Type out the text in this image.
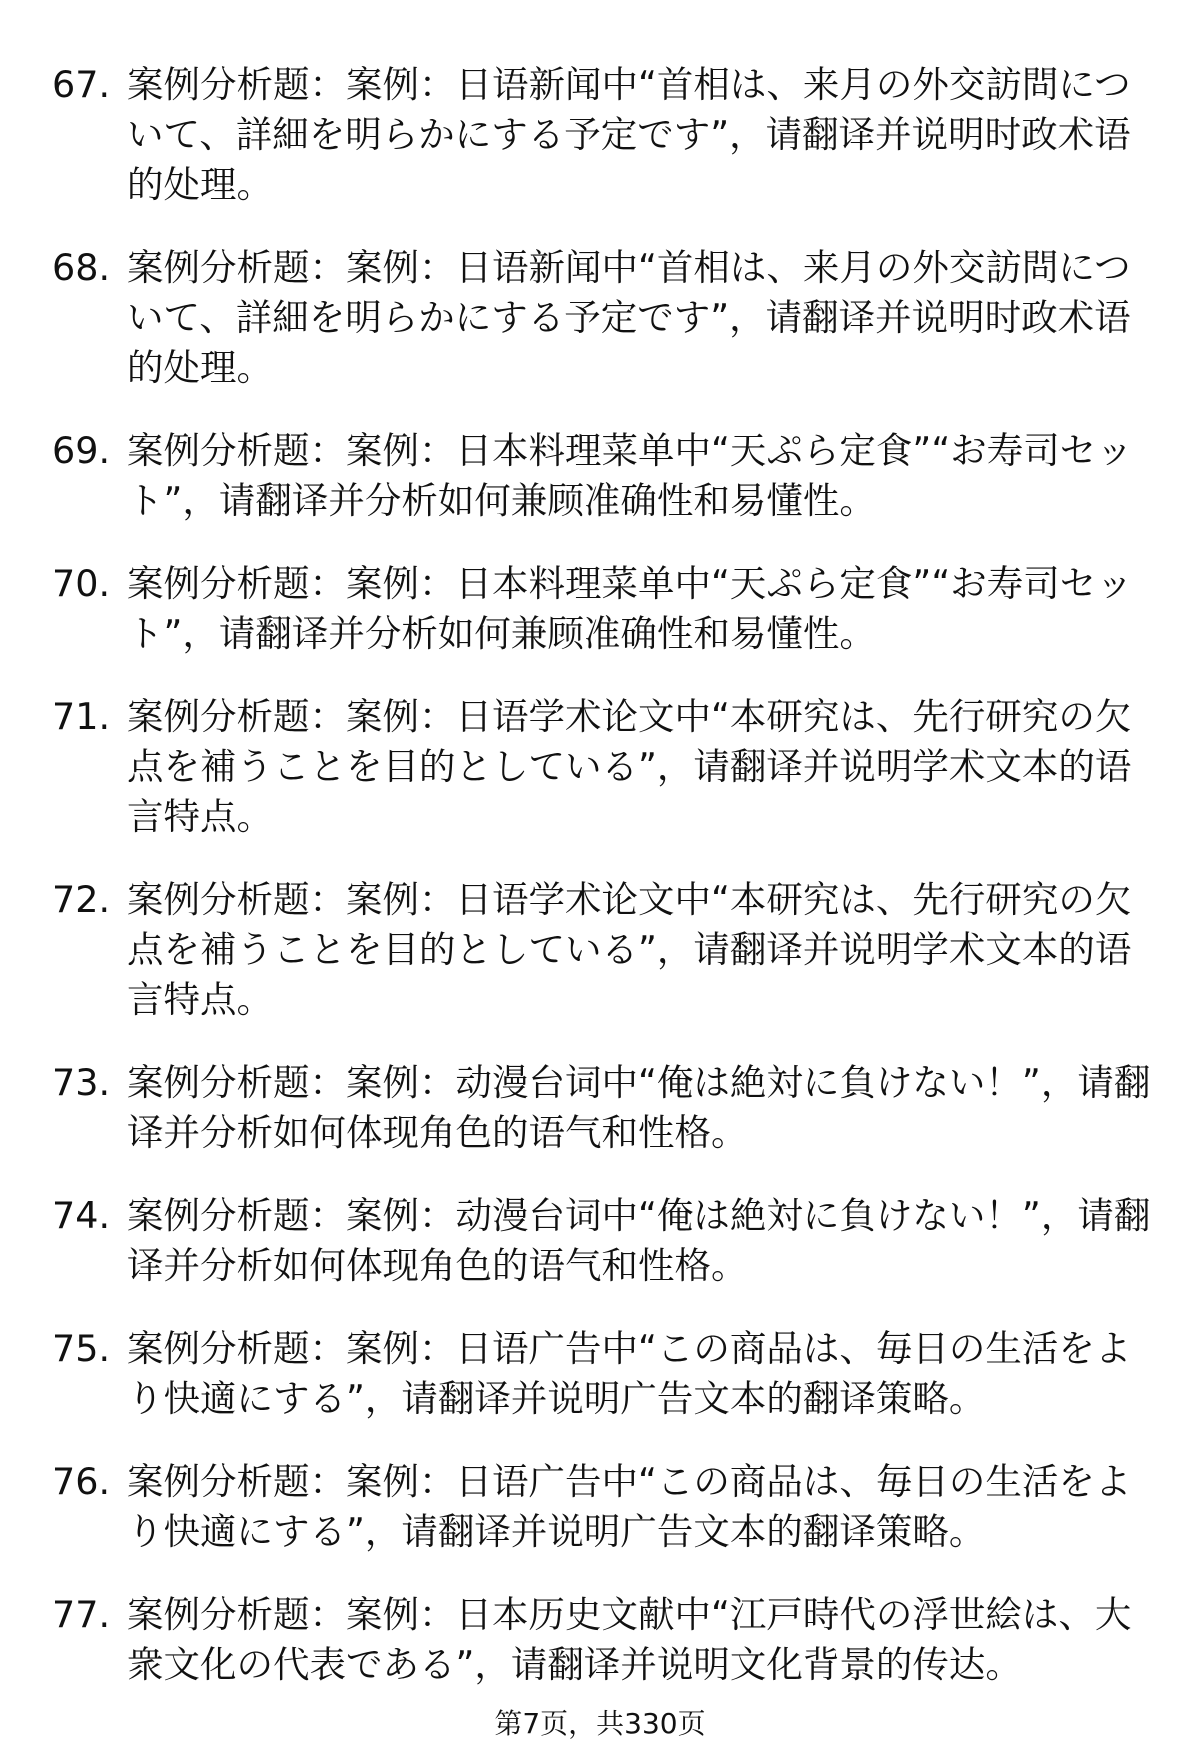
67. 案例分析题：案例：日语新闻中“首相は、来月の外交訪問について、詳細を明らかにする予定です”，请翻译并说明时政术语的处理。
68. 案例分析题：案例：日语新闻中“首相は、来月の外交訪問について、詳細を明らかにする予定です”，请翻译并说明时政术语的处理。
69. 案例分析题：案例：日本料理菜单中“天ぷら定食”“お寿司セット”，请翻译并分析如何兼顾准确性和易懂性。
70. 案例分析题：案例：日本料理菜单中“天ぷら定食”“お寿司セット”，请翻译并分析如何兼顾准确性和易懂性。
71. 案例分析题：案例：日语学术论文中“本研究は、先行研究の欠点を補うことを目的としている”，请翻译并说明学术文本的语言特点。
72. 案例分析题：案例：日语学术论文中“本研究は、先行研究の欠点を補うことを目的としている”，请翻译并说明学术文本的语言特点。
73. 案例分析题：案例：动漫台词中“俺は絶対に負けない！”，请翻译并分析如何体现角色的语气和性格。
74. 案例分析题：案例：动漫台词中“俺は絶対に負けない！”，请翻译并分析如何体现角色的语气和性格。
75. 案例分析题：案例：日语广告中“この商品は、毎日の生活をより快適にする”，请翻译并说明广告文本的翻译策略。
76. 案例分析题：案例：日语广告中“この商品は、毎日の生活をより快適にする”，请翻译并说明广告文本的翻译策略。
77. 案例分析题：案例：日本历史文献中“江戸時代の浮世絵は、大衆文化の代表である”，请翻译并说明文化背景的传达。
第7页，共330页
